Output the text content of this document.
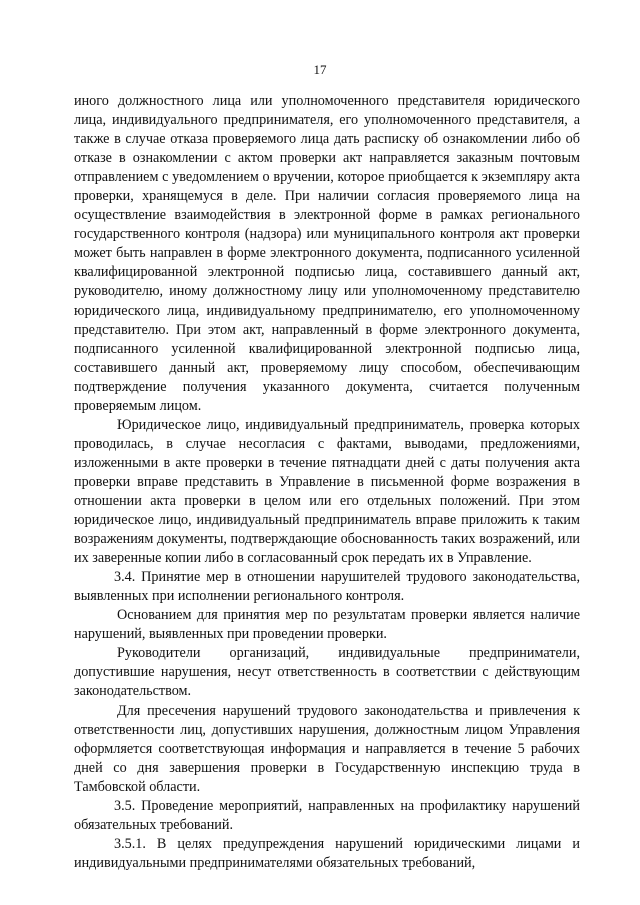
17

иного должностного лица или уполномоченного представителя юридического лица, индивидуального предпринимателя, его уполномоченного представителя, а также в случае отказа проверяемого лица дать расписку об ознакомлении либо об отказе в ознакомлении с актом проверки акт направляется заказным почтовым отправлением с уведомлением о вручении, которое приобщается к экземпляру акта проверки, хранящемуся в деле. При наличии согласия проверяемого лица на осуществление взаимодействия в электронной форме в рамках регионального государственного контроля (надзора) или муниципального контроля акт проверки может быть направлен в форме электронного документа, подписанного усиленной квалифицированной электронной подписью лица, составившего данный акт, руководителю, иному должностному лицу или уполномоченному представителю юридического лица, индивидуальному предпринимателю, его уполномоченному представителю. При этом акт, направленный в форме электронного документа, подписанного усиленной квалифицированной электронной подписью лица, составившего данный акт, проверяемому лицу способом, обеспечивающим подтверждение получения указанного документа, считается полученным проверяемым лицом.

Юридическое лицо, индивидуальный предприниматель, проверка которых проводилась, в случае несогласия с фактами, выводами, предложениями, изложенными в акте проверки в течение пятнадцати дней с даты получения акта проверки вправе представить в Управление в письменной форме возражения в отношении акта проверки в целом или его отдельных положений. При этом юридическое лицо, индивидуальный предприниматель вправе приложить к таким возражениям документы, подтверждающие обоснованность таких возражений, или их заверенные копии либо в согласованный срок передать их в Управление.

3.4. Принятие мер в отношении нарушителей трудового законодательства, выявленных при исполнении регионального контроля.

Основанием для принятия мер по результатам проверки является наличие нарушений, выявленных при проведении проверки.

Руководители организаций, индивидуальные предприниматели, допустившие нарушения, несут ответственность в соответствии с действующим законодательством.

Для пресечения нарушений трудового законодательства и привлечения к ответственности лиц, допустивших нарушения, должностным лицом Управления оформляется соответствующая информация и направляется в течение 5 рабочих дней со дня завершения проверки в Государственную инспекцию труда в Тамбовской области.

3.5. Проведение мероприятий, направленных на профилактику нарушений обязательных требований.

3.5.1. В целях предупреждения нарушений юридическими лицами и индивидуальными предпринимателями обязательных требований,
